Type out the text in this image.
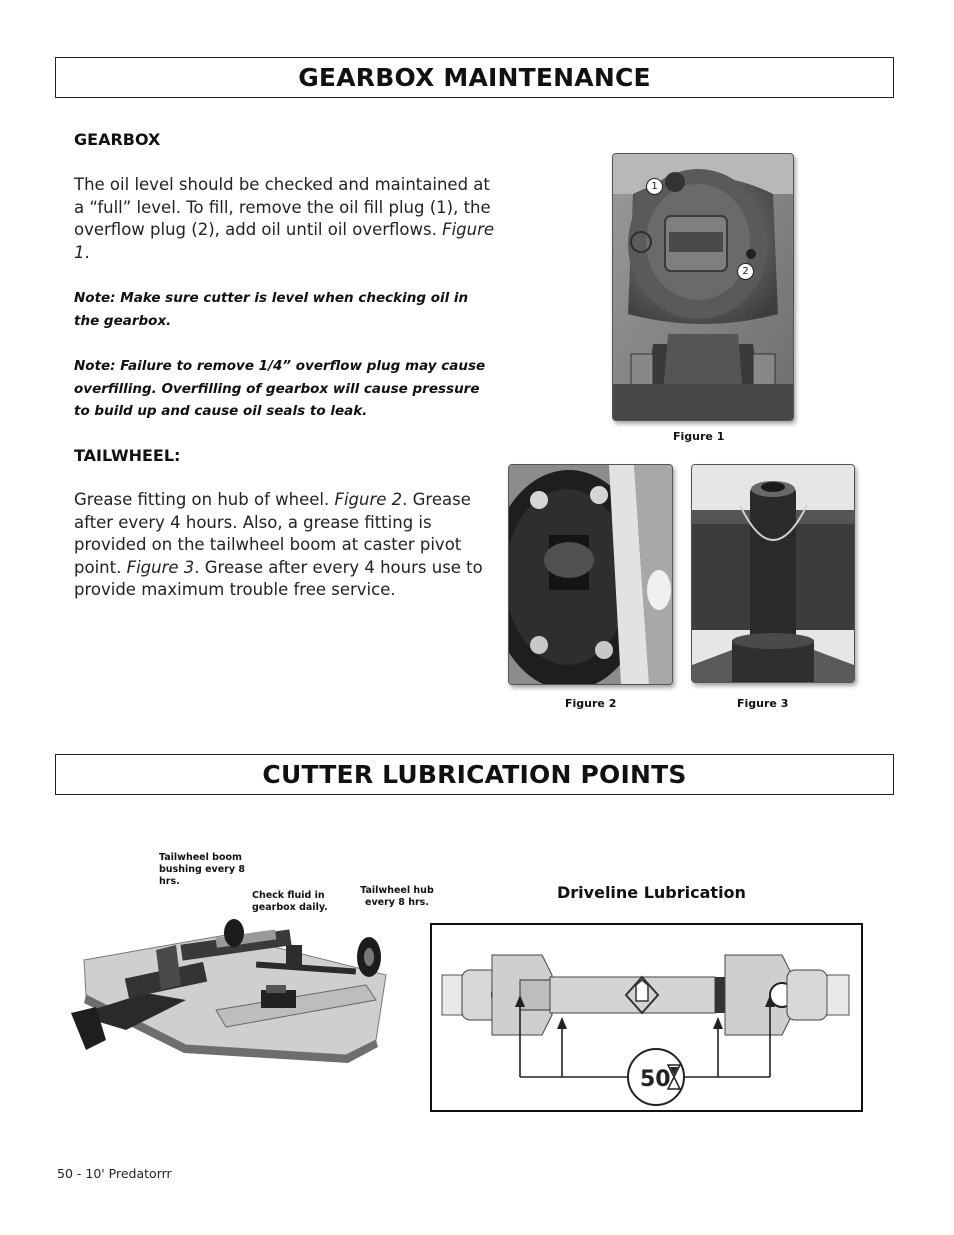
GEARBOX MAINTENANCE
GEARBOX
The oil level should be checked and maintained at a “full” level. To fill, remove the oil fill plug (1), the overflow plug (2), add oil until oil overflows. Figure 1.
Note: Make sure cutter is level when checking oil in the gearbox.
Note: Failure to remove 1/4” overflow plug may cause overfilling. Overfilling of gearbox will cause pressure to build up and cause oil seals to leak.
TAILWHEEL:
Grease fitting on hub of wheel. Figure 2. Grease after every 4 hours. Also, a grease fitting is provided on the tailwheel boom at caster pivot point. Figure 3. Grease after every 4 hours use to provide maximum trouble free service.
1
2
Figure 1
Figure 2	Figure 3
CUTTER LUBRICATION POINTS
Tailwheel boom bushing every 8 hrs.
Check fluid in gearbox daily.
Tailwheel hub every 8 hrs.
Driveline Lubrication
50
50 - 10' Predatorrr
